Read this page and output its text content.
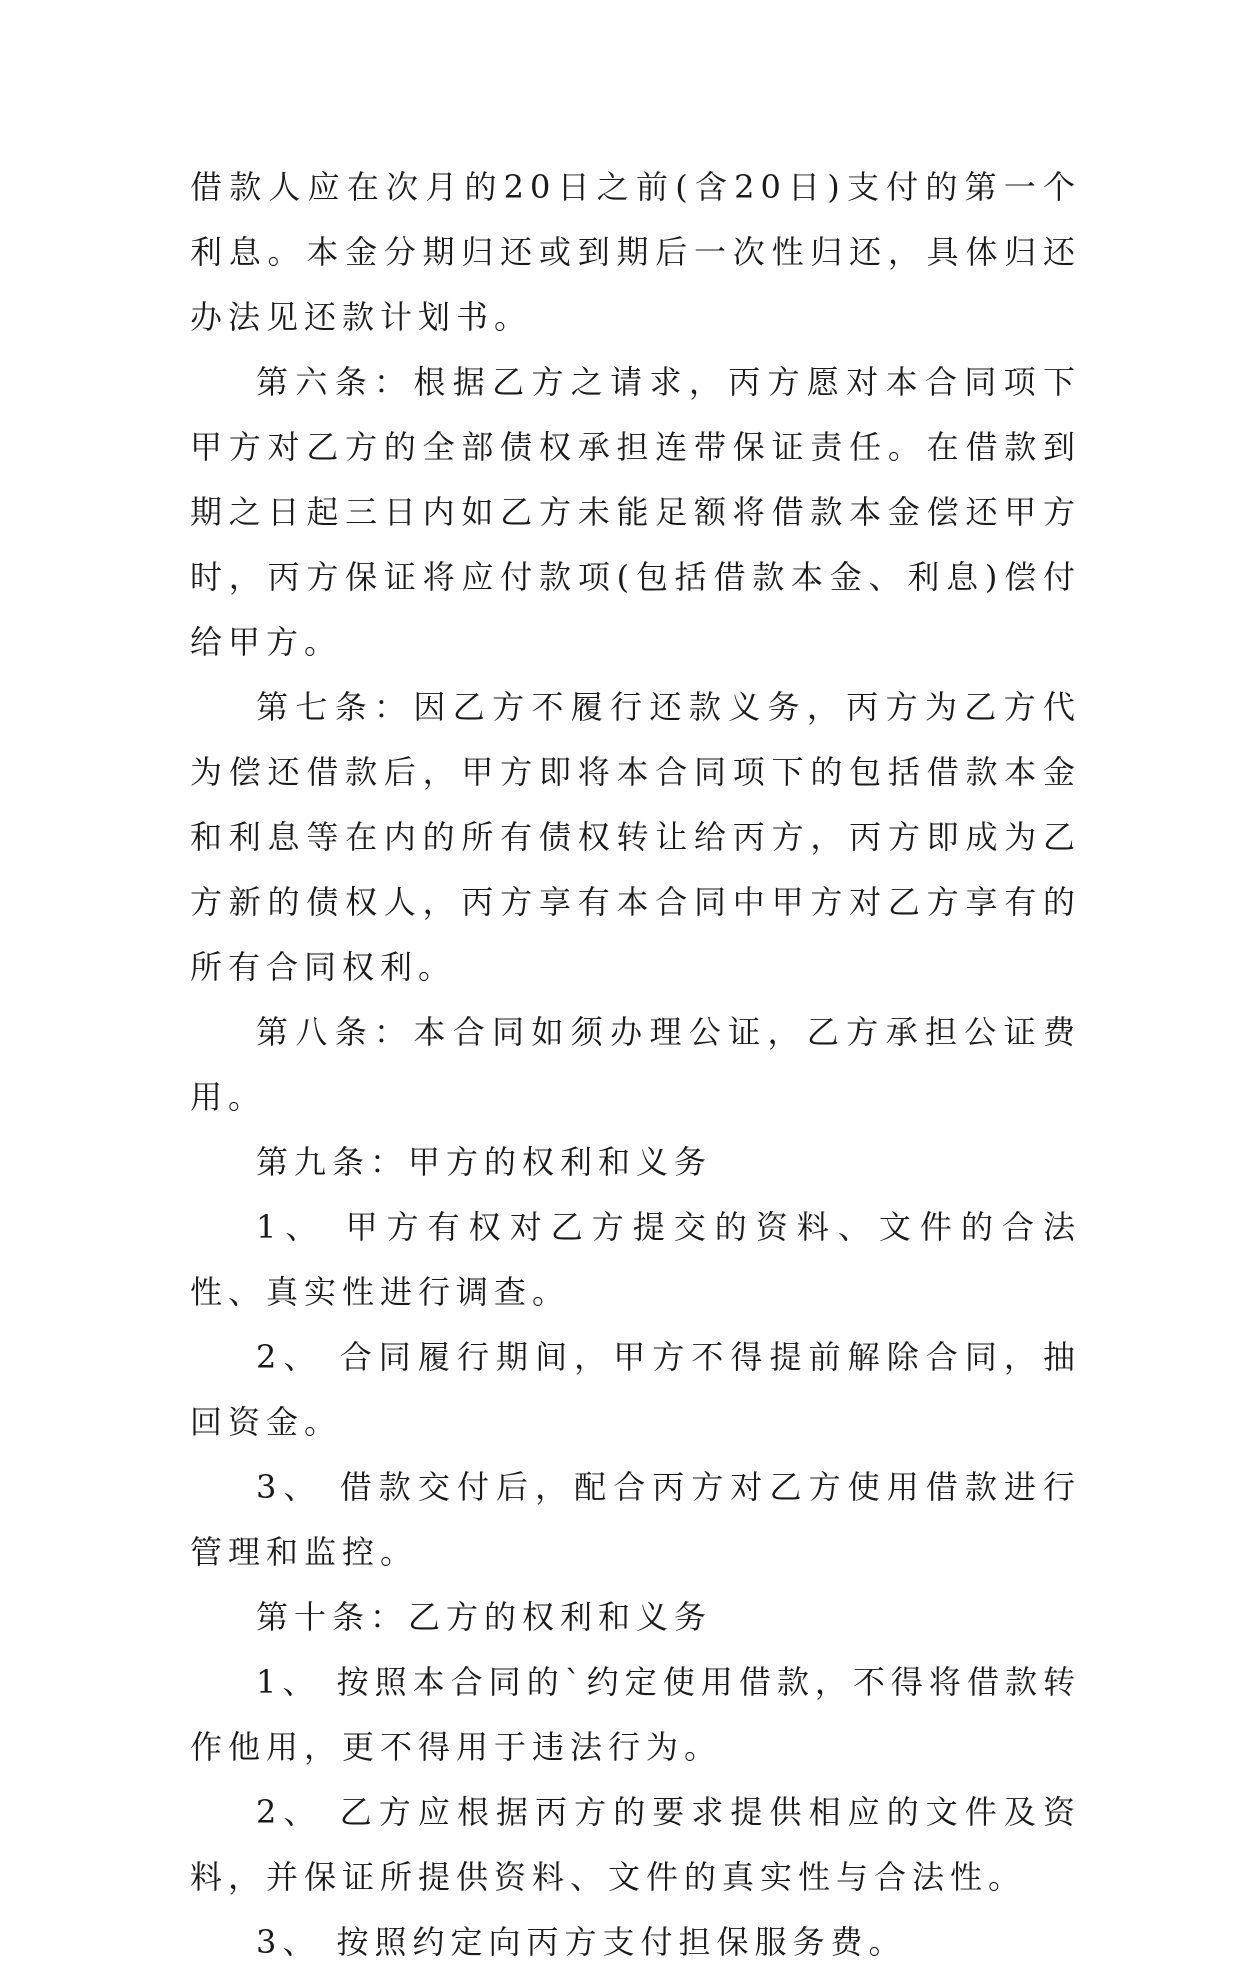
借款人应在次月的20日之前(含20日)支付的第一个利息。本金分期归还或到期后一次性归还，具体归还办法见还款计划书。

第六条：根据乙方之请求，丙方愿对本合同项下甲方对乙方的全部债权承担连带保证责任。在借款到期之日起三日内如乙方未能足额将借款本金偿还甲方时，丙方保证将应付款项(包括借款本金、利息)偿付给甲方。

第七条：因乙方不履行还款义务，丙方为乙方代为偿还借款后，甲方即将本合同项下的包括借款本金和利息等在内的所有债权转让给丙方，丙方即成为乙方新的债权人，丙方享有本合同中甲方对乙方享有的所有合同权利。

第八条：本合同如须办理公证，乙方承担公证费用。

第九条：甲方的权利和义务

1、 甲方有权对乙方提交的资料、文件的合法性、真实性进行调查。

2、 合同履行期间，甲方不得提前解除合同，抽回资金。

3、 借款交付后，配合丙方对乙方使用借款进行管理和监控。

第十条：乙方的权利和义务

1、 按照本合同的`约定使用借款，不得将借款转作他用，更不得用于违法行为。

2、 乙方应根据丙方的要求提供相应的文件及资料，并保证所提供资料、文件的真实性与合法性。

3、 按照约定向丙方支付担保服务费。
